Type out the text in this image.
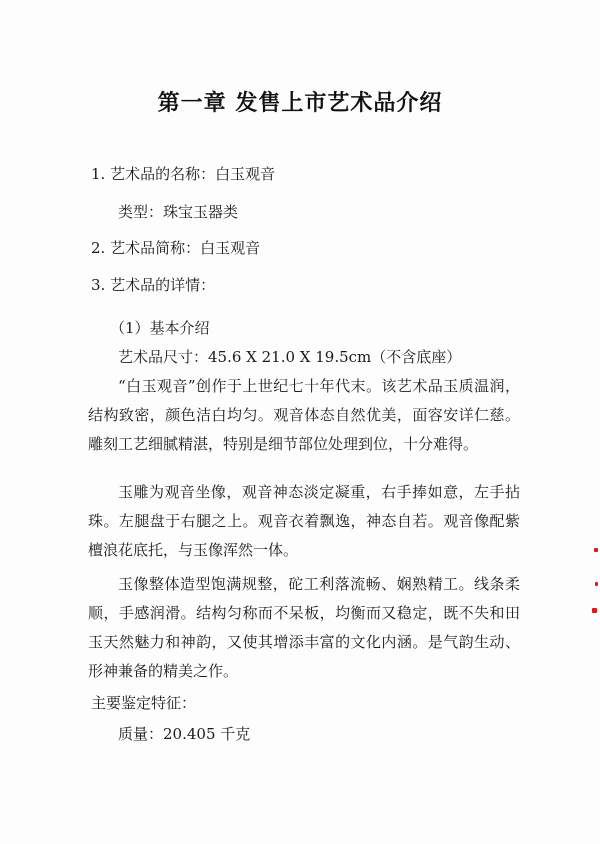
第一章 发售上市艺术品介绍
1. 艺术品的名称：白玉观音
类型：珠宝玉器类
2. 艺术品简称：白玉观音
3. 艺术品的详情：
（1）基本介绍
艺术品尺寸：45.6 X 21.0 X 19.5cm（不含底座）
“白玉观音”创作于上世纪七十年代末。该艺术品玉质温润，结构致密，颜色洁白均匀。观音体态自然优美，面容安详仁慈。雕刻工艺细腻精湛，特别是细节部位处理到位，十分难得。
玉雕为观音坐像，观音神态淡定凝重，右手捧如意，左手拈珠。左腿盘于右腿之上。观音衣着飘逸，神态自若。观音像配紫檀浪花底托，与玉像浑然一体。
玉像整体造型饱满规整，砣工利落流畅、娴熟精工。线条柔顺，手感润滑。结构匀称而不呆板，均衡而又稳定，既不失和田玉天然魅力和神韵，又使其增添丰富的文化内涵。是气韵生动、形神兼备的精美之作。
主要鉴定特征：
质量：20.405 千克
